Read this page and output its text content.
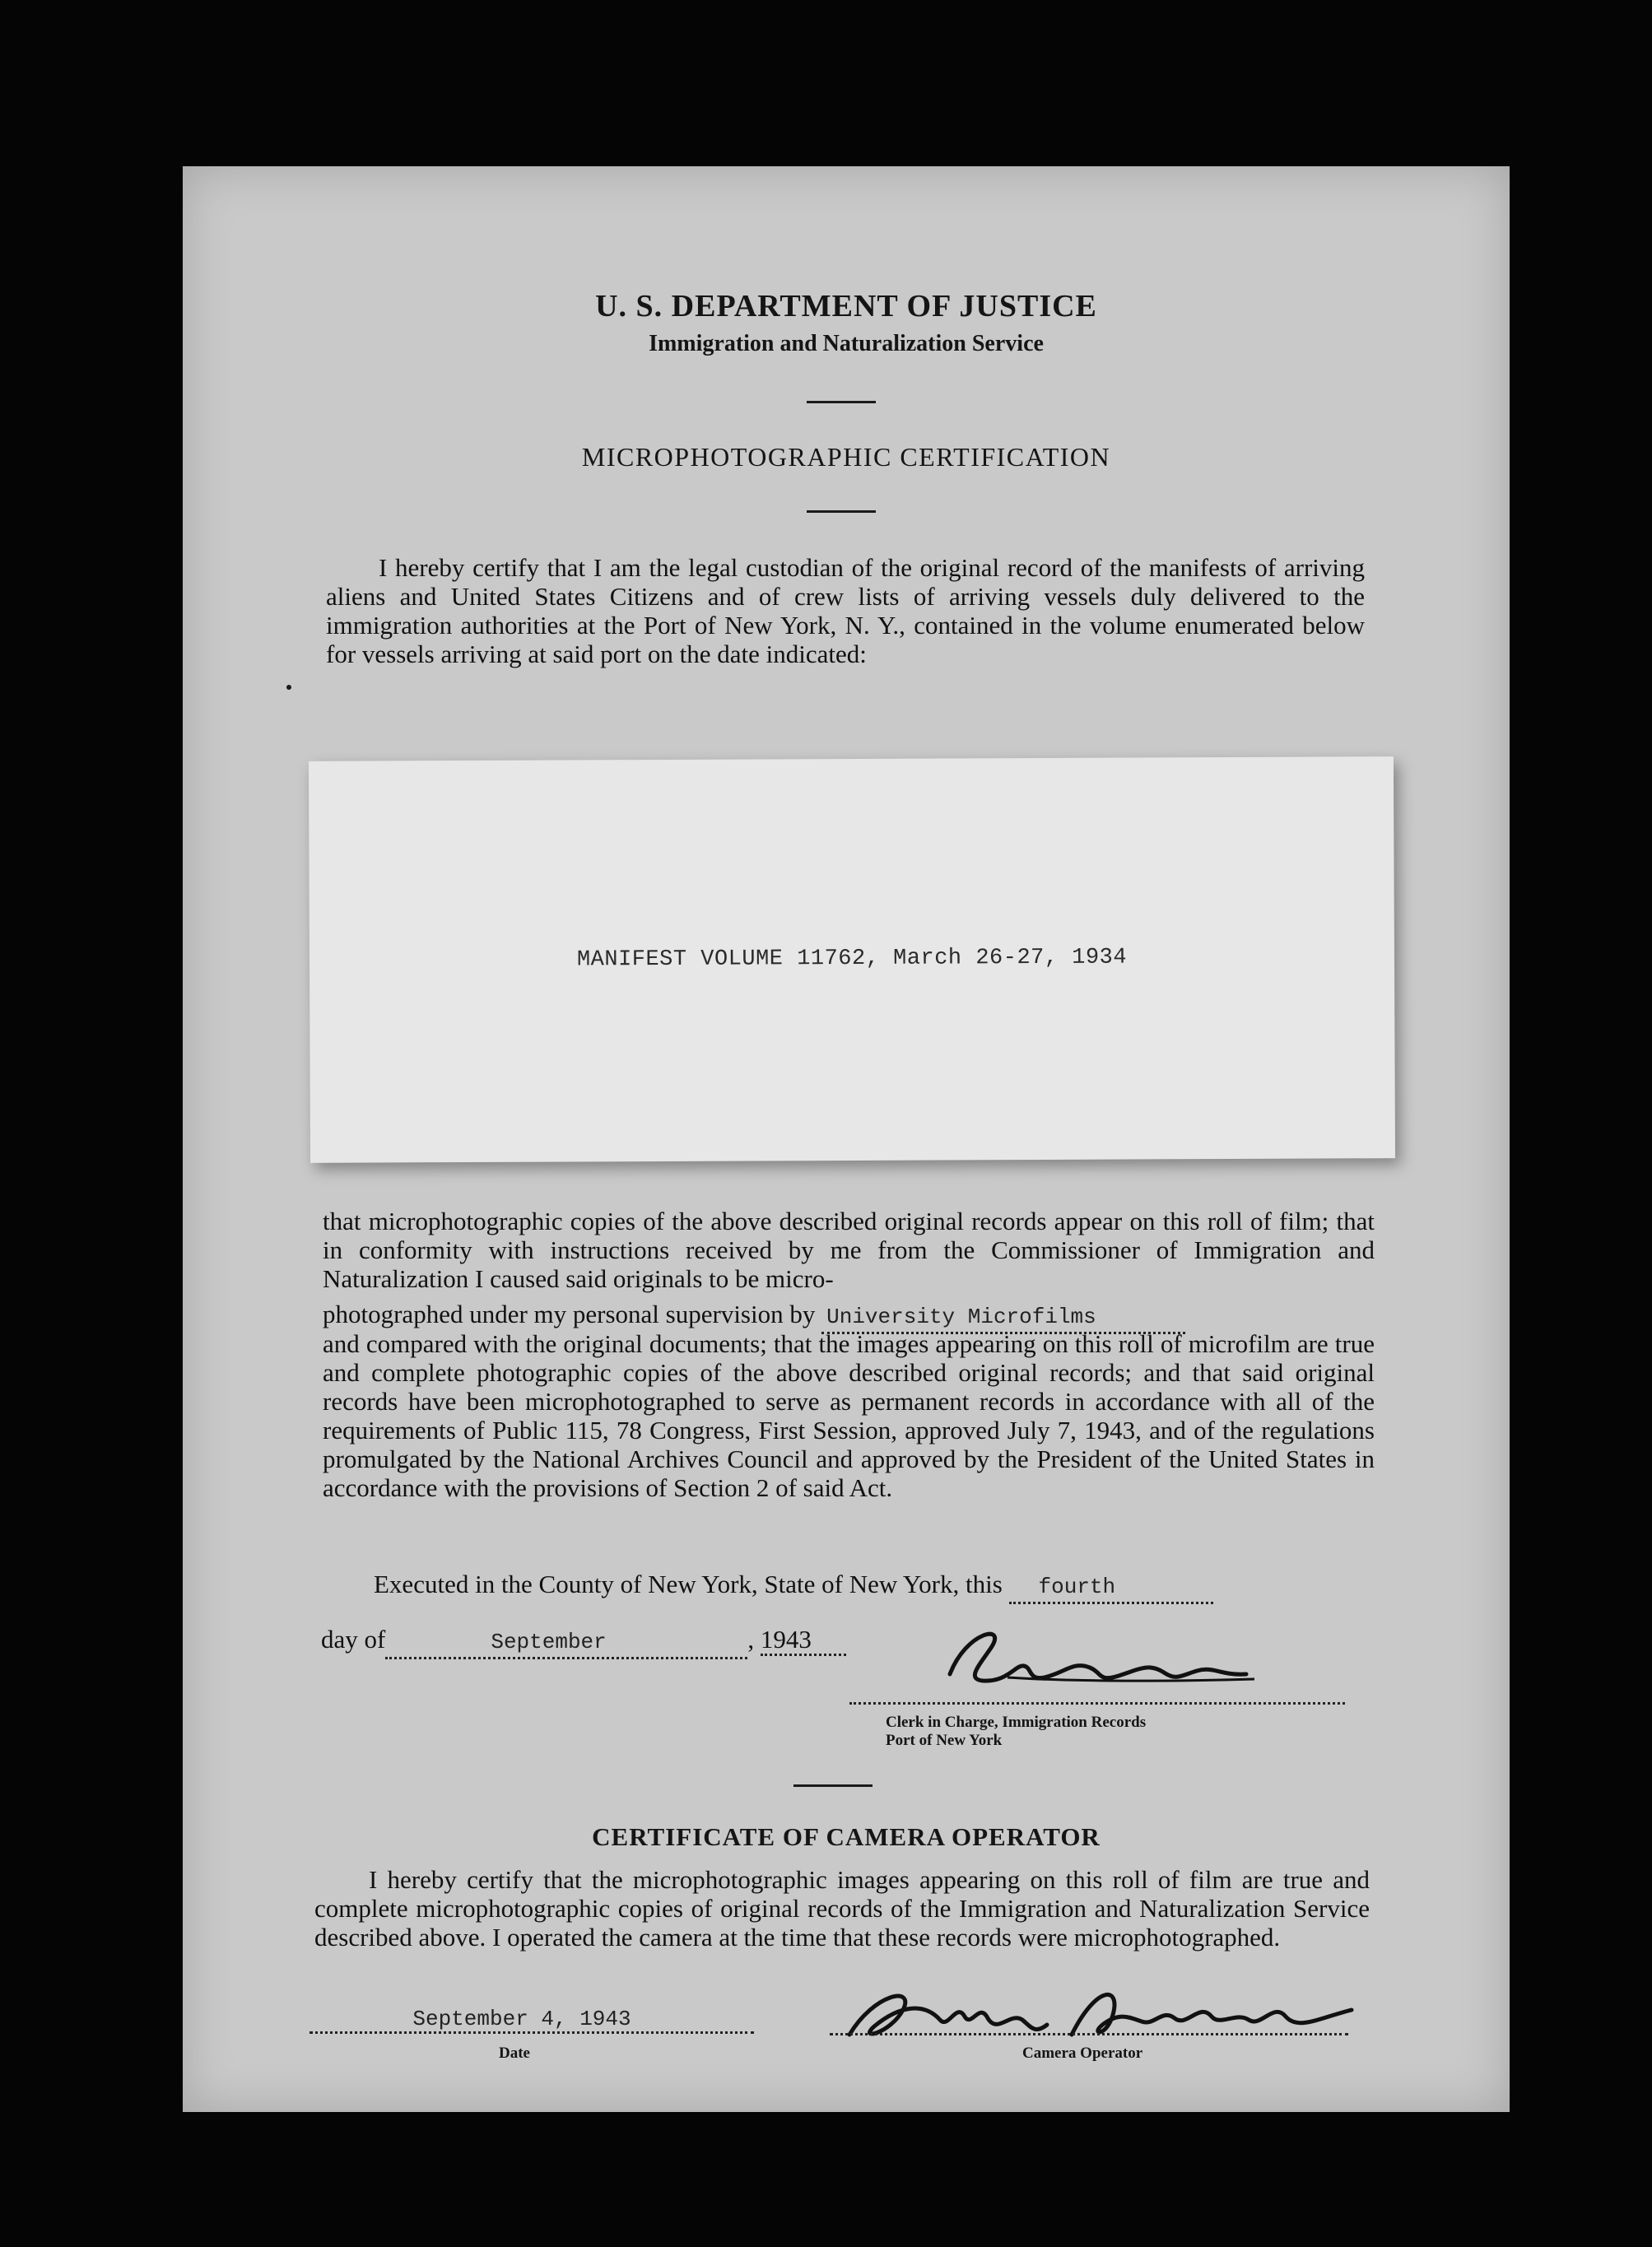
U. S. DEPARTMENT OF JUSTICE
Immigration and Naturalization Service
MICROPHOTOGRAPHIC CERTIFICATION
I hereby certify that I am the legal custodian of the original record of the manifests of arriving aliens and United States Citizens and of crew lists of arriving vessels duly delivered to the immigration authorities at the Port of New York, N. Y., contained in the volume enumerated below for vessels arriving at said port on the date indicated:
MANIFEST VOLUME 11762, March 26-27, 1934
that microphotographic copies of the above described original records appear on this roll of film; that in conformity with instructions received by me from the Commissioner of Immigration and Naturalization I caused said originals to be micro-
photographed under my personal supervision by University Microfilms
and compared with the original documents; that the images appearing on this roll of microfilm are true and complete photographic copies of the above described original records; and that said original records have been microphotographed to serve as permanent records in accordance with all of the requirements of Public 115, 78 Congress, First Session, approved July 7, 1943, and of the regulations promulgated by the National Archives Council and approved by the President of the United States in accordance with the provisions of Section 2 of said Act.
Executed in the County of New York, State of New York, this fourth
day of	September	, 1943
Clerk in Charge, Immigration Records
Port of New York
CERTIFICATE OF CAMERA OPERATOR
I hereby certify that the microphotographic images appearing on this roll of film are true and complete microphotographic copies of original records of the Immigration and Naturalization Service described above. I operated the camera at the time that these records were microphotographed.
September 4, 1943
Date	Camera Operator
